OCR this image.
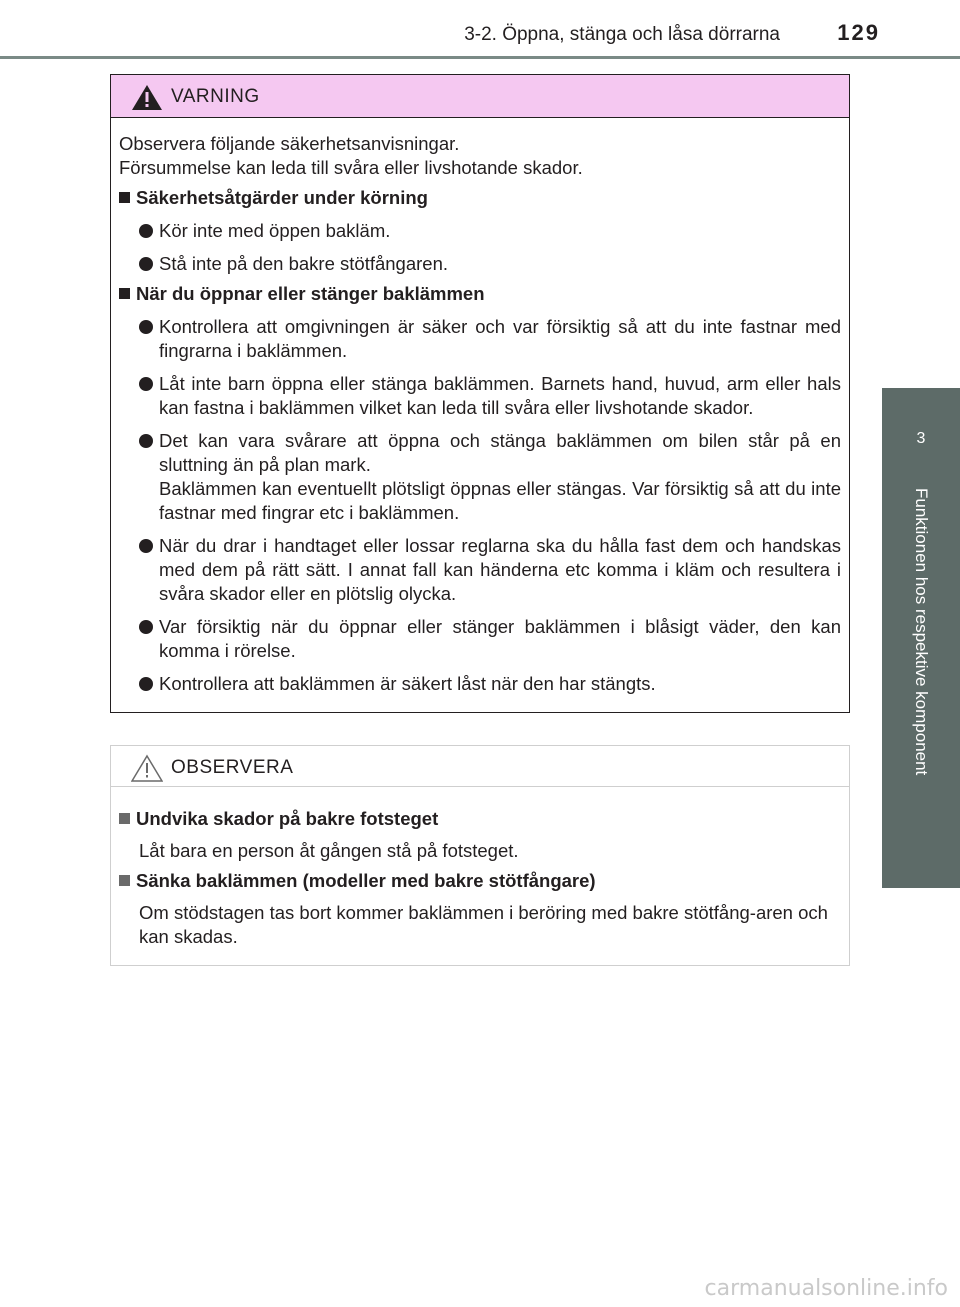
3-2. Öppna, stänga och låsa dörrarna	129
3
Funktionen hos respektive komponent
VARNING

Observera följande säkerhetsanvisningar.

Försummelse kan leda till svåra eller livshotande skador.

Säkerhetsåtgärder under körning
Kör inte med öppen bakläm.
Stå inte på den bakre stötfångaren.
När du öppnar eller stänger baklämmen
Kontrollera att omgivningen är säker och var försiktig så att du inte fastnar med fingrarna i baklämmen.
Låt inte barn öppna eller stänga baklämmen. Barnets hand, huvud, arm eller hals kan fastna i baklämmen vilket kan leda till svåra eller livshotande skador.
Det kan vara svårare att öppna och stänga baklämmen om bilen står på en sluttning än på plan mark.
Baklämmen kan eventuellt plötsligt öppnas eller stängas. Var försiktig så att du inte fastnar med fingrar etc i baklämmen.
När du drar i handtaget eller lossar reglarna ska du hålla fast dem och handskas med dem på rätt sätt. I annat fall kan händerna etc komma i kläm och resultera i svåra skador eller en plötslig olycka.
Var försiktig när du öppnar eller stänger baklämmen i blåsigt väder, den kan komma i rörelse.
Kontrollera att baklämmen är säkert låst när den har stängts.
OBSERVERA
Undvika skador på bakre fotsteget
Låt bara en person åt gången stå på fotsteget.
Sänka baklämmen (modeller med bakre stötfångare)
Om stödstagen tas bort kommer baklämmen i beröring med bakre stötfång-aren och kan skadas.
carmanualsonline.info
